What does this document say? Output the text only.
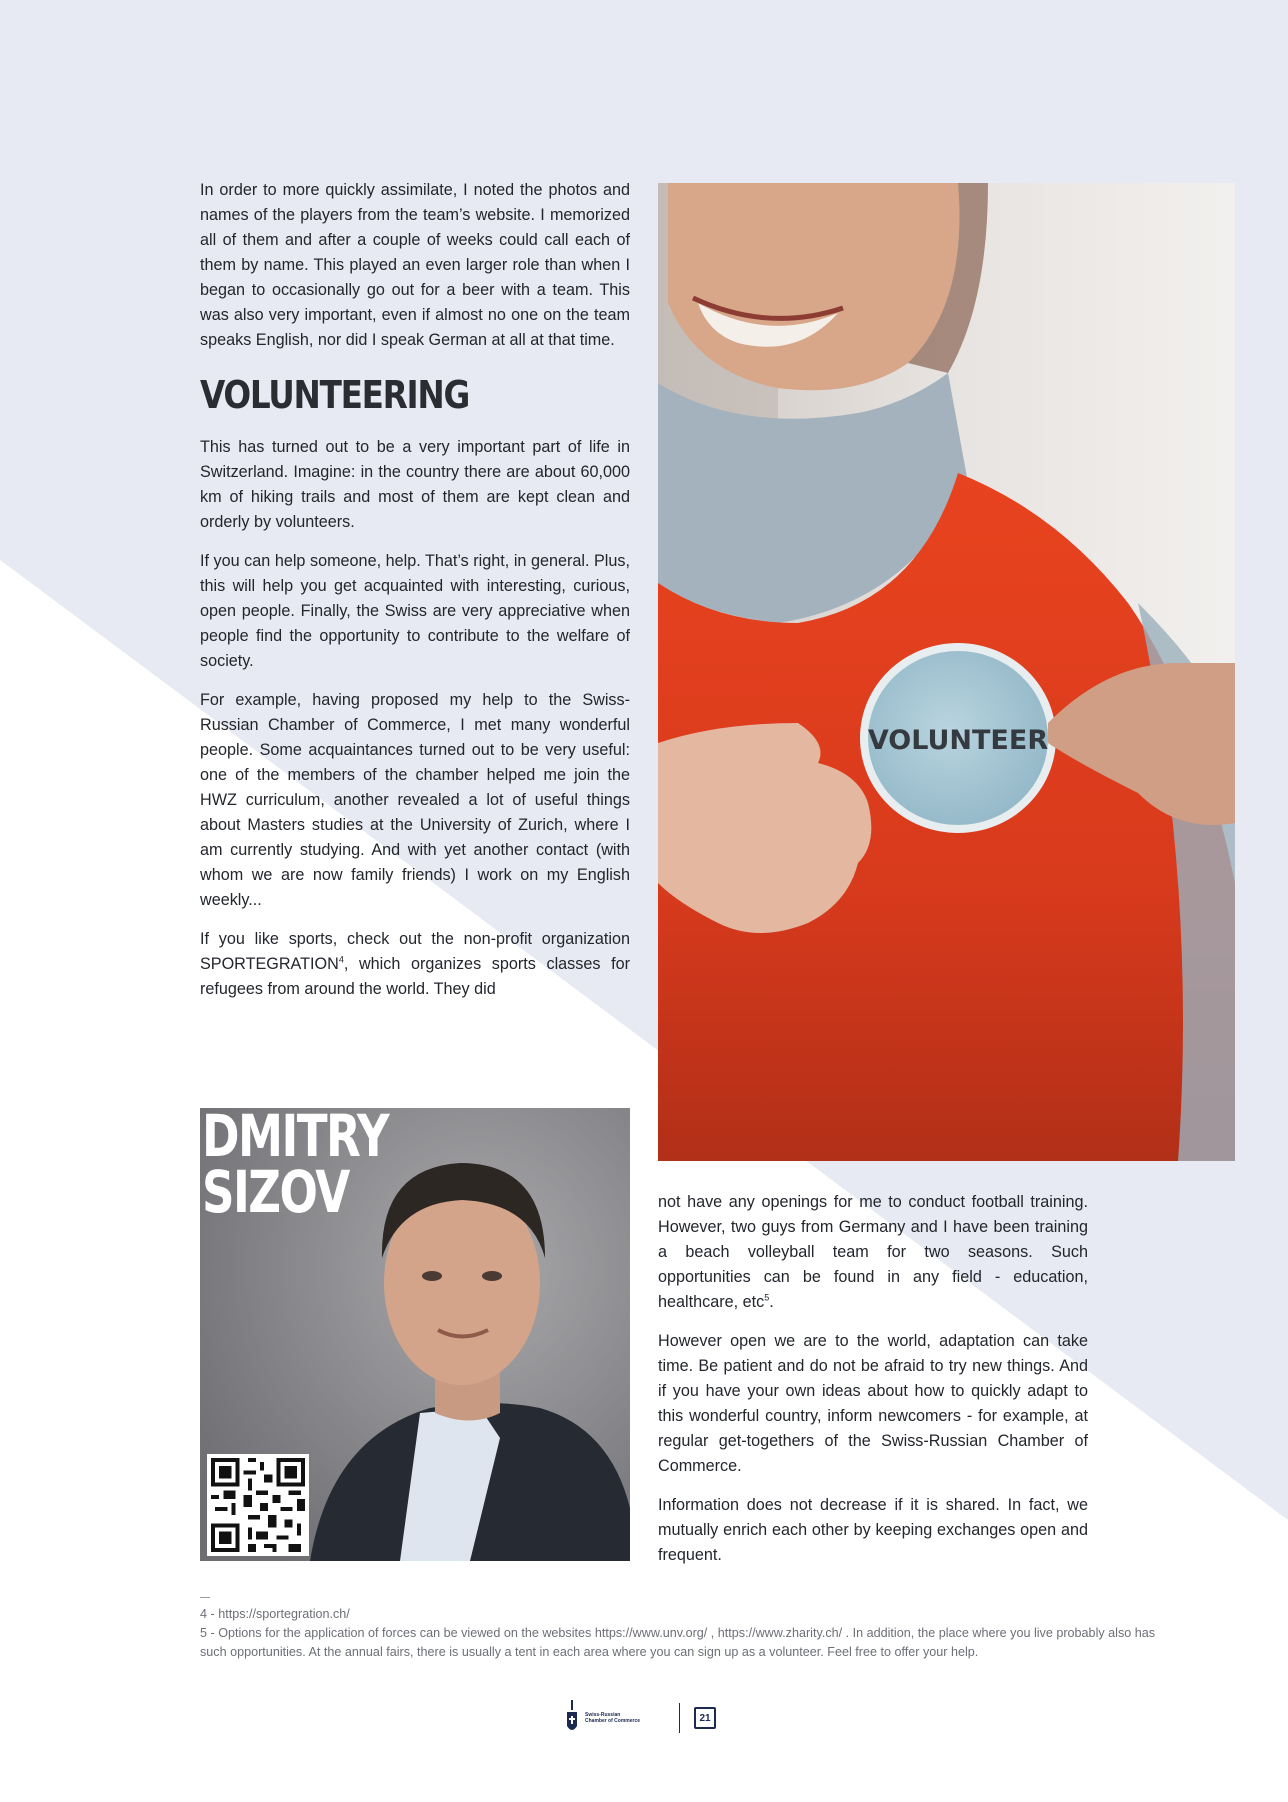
In order to more quickly assimilate, I noted the photos and names of the players from the team’s website. I memorized all of them and after a couple of weeks could call each of them by name. This played an even larger role than when I began to occasionally go out for a beer with a team. This was also very important, even if almost no one on the team speaks English, nor did I speak German at all at that time.

VOLUNTEERING

This has turned out to be a very important part of life in Switzerland. Imagine: in the country there are about 60,000 km of hiking trails and most of them are kept clean and orderly by volunteers.

If you can help someone, help. That’s right, in general. Plus, this will help you get acquainted with interesting, curious, open people. Finally, the Swiss are very appreciative when people find the opportunity to contribute to the welfare of society.

For example, having proposed my help to the Swiss-Russian Chamber of Commerce, I met many wonderful people. Some acquaintances turned out to be very useful: one of the members of the chamber helped me join the HWZ curriculum, another revealed a lot of useful things about Masters studies at the University of Zurich, where I am currently studying. And with yet another contact (with whom we are now family friends) I work on my English weekly...

If you like sports, check out the non-profit organization SPORTEGRATION$^4$, which organizes sports classes for refugees from around the world. They did

VOLUNTEER
DMITRY
SIZOV	not have any openings for me to conduct football training. However, two guys from Germany and I have been training a beach volleyball team for two seasons. Such opportunities can be found in any field - education, healthcare, etc$^5$.

However open we are to the world, adaptation can take time. Be patient and do not be afraid to try new things. And if you have your own ideas about how to quickly adapt to this wonderful country, inform newcomers - for example, at regular get-togethers of the Swiss-Russian Chamber of Commerce.

Information does not decrease if it is shared. In fact, we mutually enrich each other by keeping exchanges open and frequent.

4 - https://sportegration.ch/
5 - Options for the application of forces can be viewed on the websites https://www.unv.org/ , https://www.zharity.ch/ . In addition, the place where you live probably also has such opportunities. At the annual fairs, there is usually a tent in each area where you can sign up as a volunteer. Feel free to offer your help.
Swiss-Russian
Chamber of Commerce	21
